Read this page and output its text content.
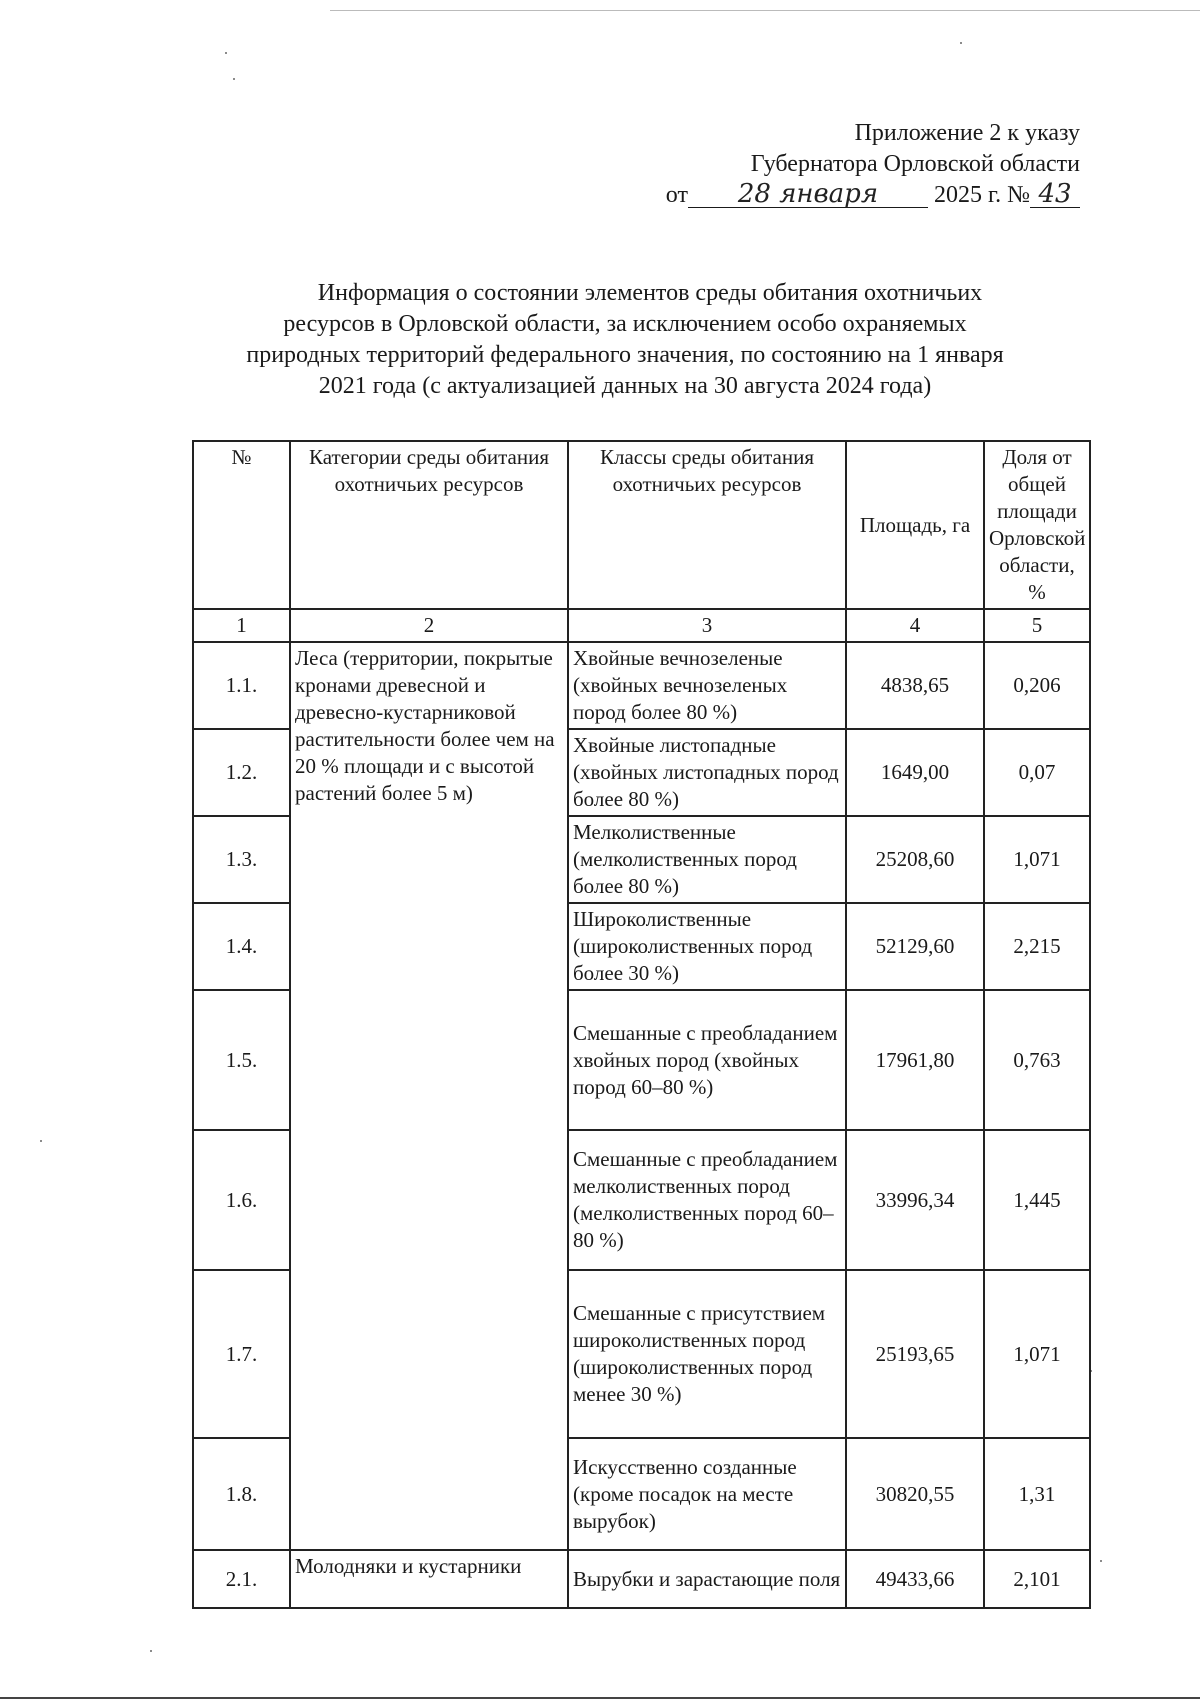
Приложение 2 к указу
Губернатора Орловской области
от 28 января 2025 г. № 43
Информация о состоянии элементов среды обитания охотничьих
ресурсов в Орловской области, за исключением особо охраняемых
природных территорий федерального значения, по состоянию на 1 января
2021 года (с актуализацией данных на 30 августа 2024 года)
№	Категории среды обитания охотничьих ресурсов	Классы среды обитания охотничьих ресурсов	Площадь, га	Доля от общей площади Орловской области, %
1	2	3	4	5
1.1.	Леса (территории, покрытые кронами древесной и древесно-кустарниковой растительности более чем на 20 % площади и с высотой растений более 5 м)	Хвойные вечнозеленые (хвойных вечнозеленых пород более 80 %)	4838,65	0,206
1.2.		Хвойные листопадные (хвойных листопадных пород более 80 %)	1649,00	0,07
1.3.		Мелколиственные (мелколиственных пород более 80 %)	25208,60	1,071
1.4.		Широколиственные (широколиственных пород более 30 %)	52129,60	2,215
1.5.		Смешанные с преобладанием хвойных пород (хвойных пород 60–80 %)	17961,80	0,763
1.6.		Смешанные с преобладанием мелколиственных пород (мелколиственных пород 60–80 %)	33996,34	1,445
1.7.		Смешанные с присутствием широколиственных пород (широколиственных пород менее 30 %)	25193,65	1,071
1.8.		Искусственно созданные (кроме посадок на месте вырубок)	30820,55	1,31
2.1.	Молодняки и кустарники	Вырубки и зарастающие поля	49433,66	2,101
